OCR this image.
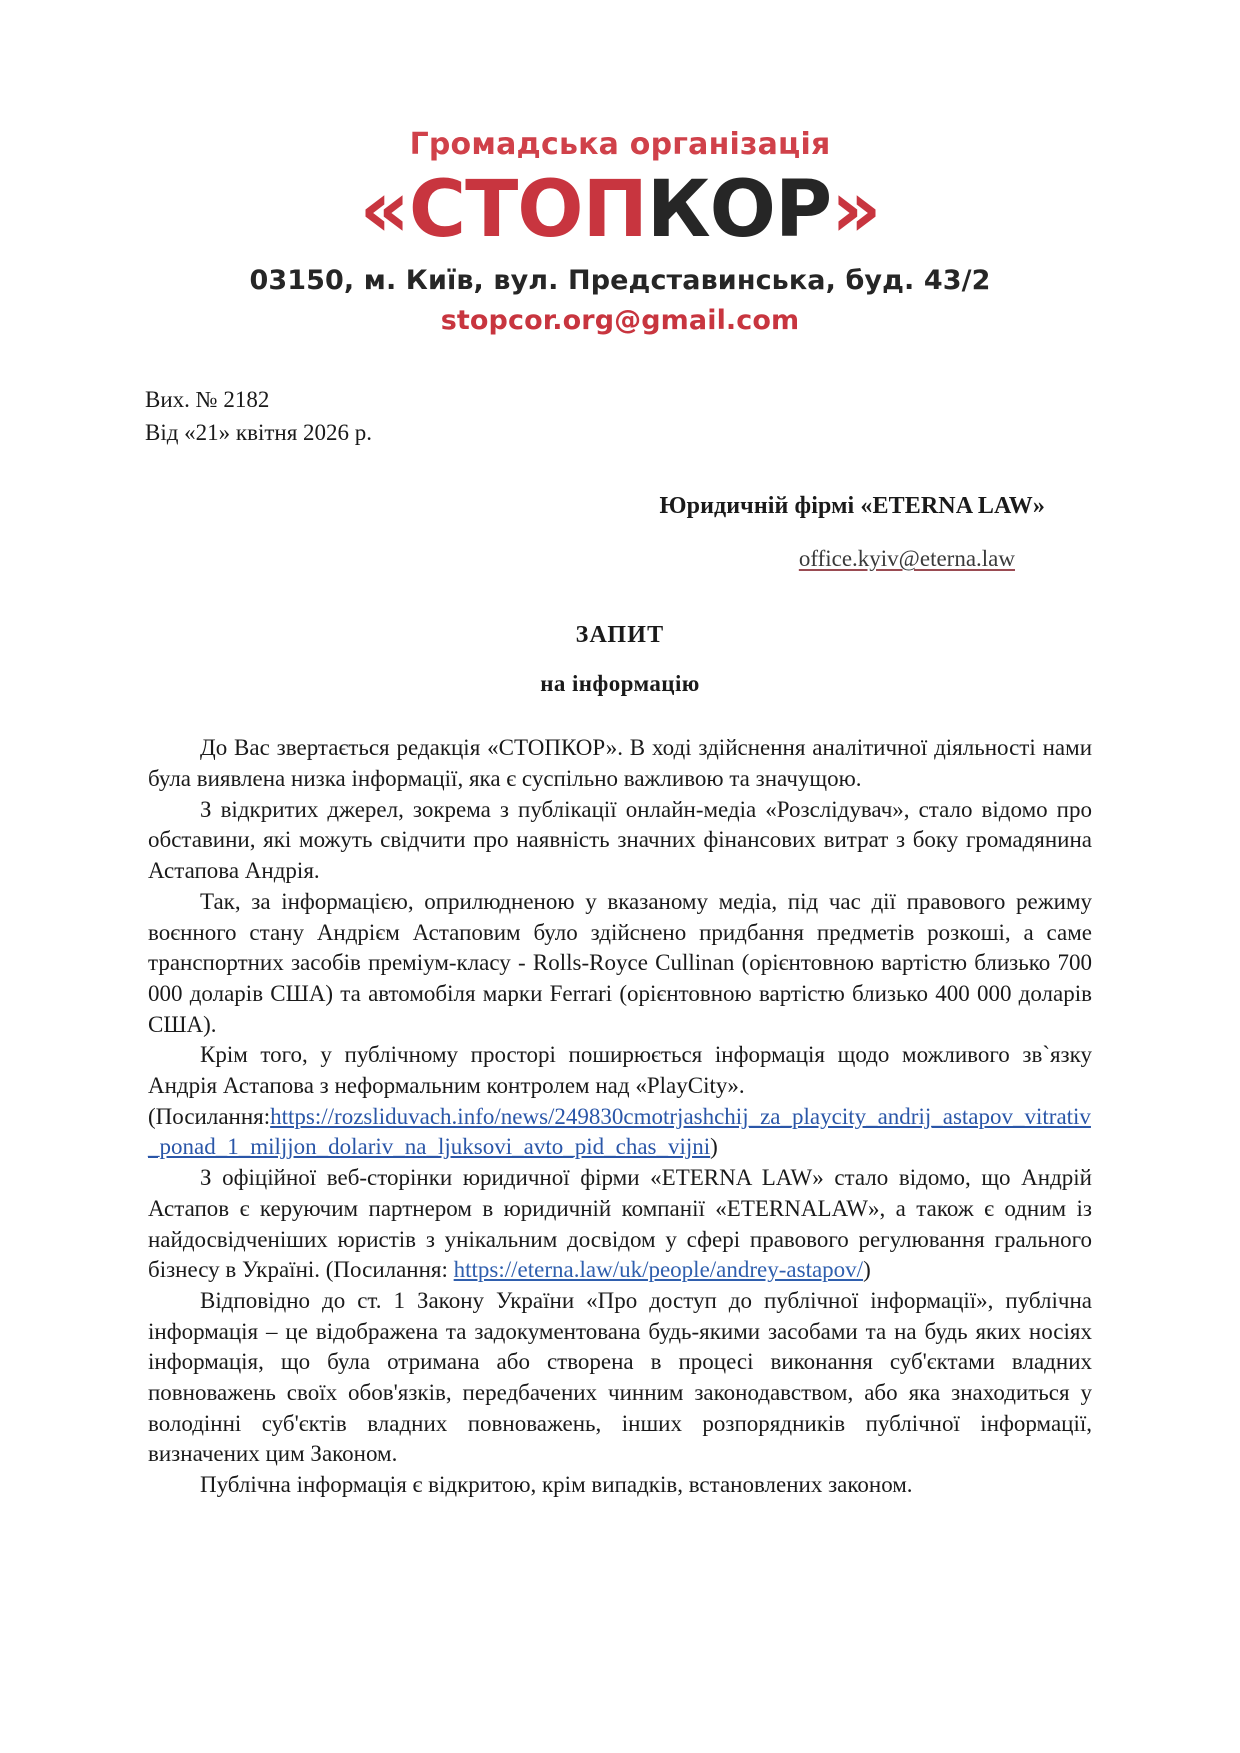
Громадська організація
«СТОПКОР»
03150, м. Київ, вул. Представинська, буд. 43/2
stopcor.org@gmail.com
Вих. № 2182
Від «21» квітня 2026 р.
Юридичній фірмі «ETERNA LAW»
office.kyiv@eterna.law
ЗАПИТ
на інформацію

До Вас звертається редакція «СТОПКОР». В ході здійснення аналітичної діяльності нами була виявлена низка інформації, яка є суспільно важливою та значущою.

З відкритих джерел, зокрема з публікації онлайн-медіа «Розслідувач», стало відомо про обставини, які можуть свідчити про наявність значних фінансових витрат з боку громадянина Астапова Андрія.

Так, за інформацією, оприлюдненою у вказаному медіа, під час дії правового режиму воєнного стану Андрієм Астаповим було здійснено придбання предметів розкоші, а саме транспортних засобів преміум-класу - Rolls-Royce Cullinan (орієнтовною вартістю близько 700 000 доларів США) та автомобіля марки Ferrari (орієнтовною вартістю близько 400 000 доларів США).

Крім того, у публічному просторі поширюється інформація щодо можливого зв`язку Андрія Астапова з неформальним контролем над «PlayCity».

(Посилання:https://rozsliduvach.info/news/249830cmotrjashchij_za_playcity_andrij_astapov_vitrativ_ponad_1_miljjon_dolariv_na_ljuksovi_avto_pid_chas_vijni)

З офіційної веб-сторінки юридичної фірми «ETERNA LAW» стало відомо, що Андрій Астапов є керуючим партнером в юридичній компанії «ETERNALAW», а також є одним із найдосвідченіших юристів з унікальним досвідом у сфері правового регулювання грального бізнесу в Україні. (Посилання: https://eterna.law/uk/people/andrey-astapov/)

Відповідно до ст. 1 Закону України «Про доступ до публічної інформації», публічна інформація – це відображена та задокументована будь-якими засобами та на будь яких носіях інформація, що була отримана або створена в процесі виконання суб'єктами владних повноважень своїх обов'язків, передбачених чинним законодавством, або яка знаходиться у володінні суб'єктів владних повноважень, інших розпорядників публічної інформації, визначених цим Законом.

Публічна інформація є відкритою, крім випадків, встановлених законом.
